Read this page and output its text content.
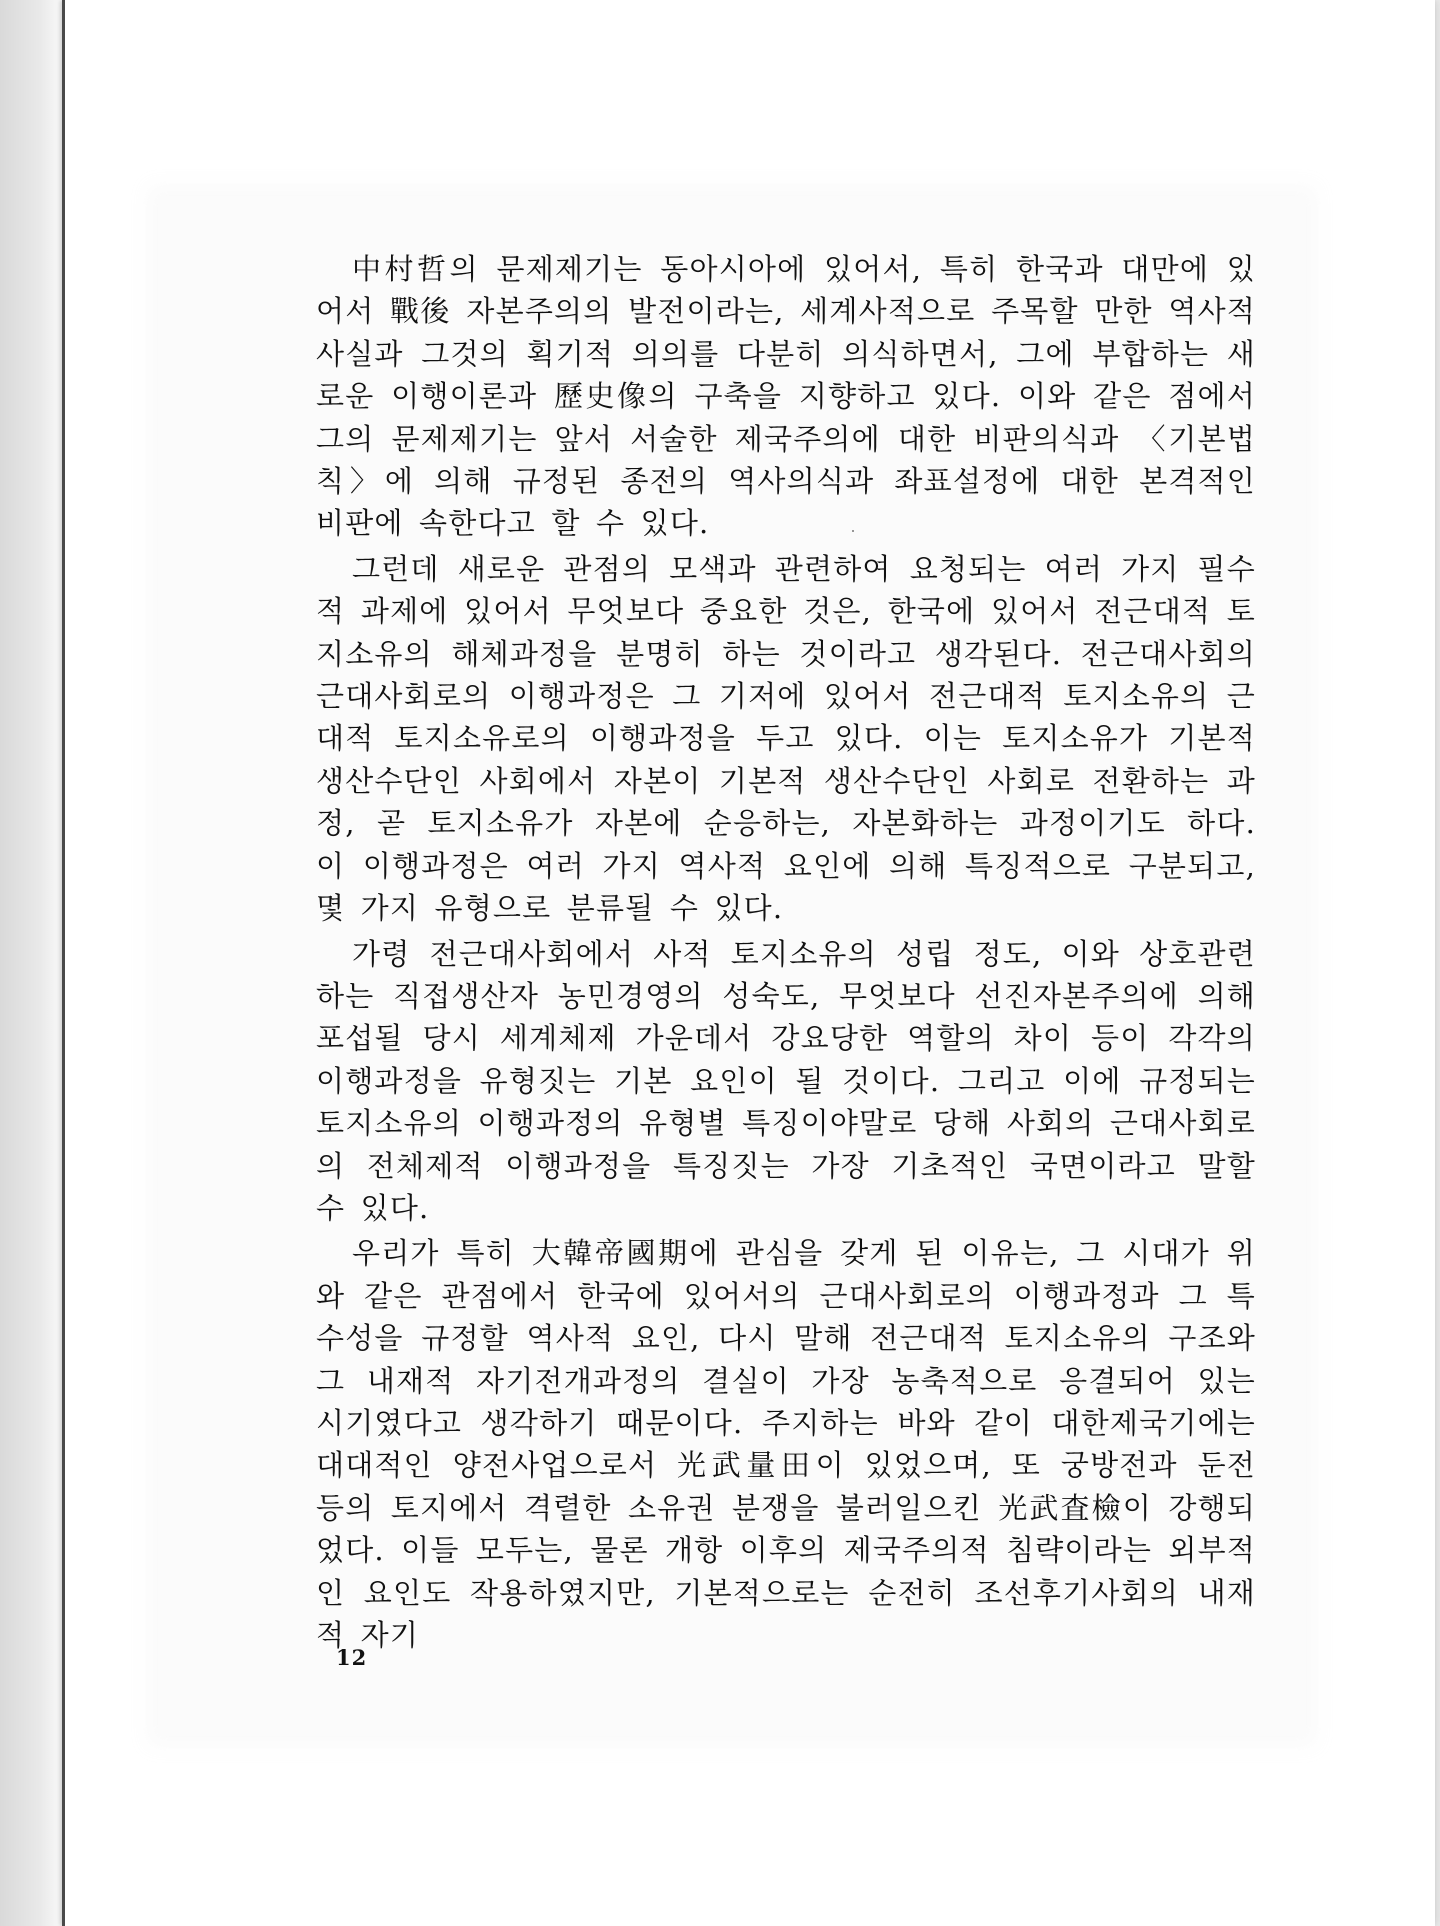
中村哲의 문제제기는 동아시아에 있어서, 특히 한국과 대만에 있어서 戰後 자본주의의 발전이라는, 세계사적으로 주목할 만한 역사적 사실과 그것의 획기적 의의를 다분히 의식하면서, 그에 부합하는 새로운 이행이론과 歷史像의 구축을 지향하고 있다. 이와 같은 점에서 그의 문제제기는 앞서 서술한 제국주의에 대한 비판의식과 〈기본법칙〉에 의해 규정된 종전의 역사의식과 좌표설정에 대한 본격적인 비판에 속한다고 할 수 있다.

그런데 새로운 관점의 모색과 관련하여 요청되는 여러 가지 필수적 과제에 있어서 무엇보다 중요한 것은, 한국에 있어서 전근대적 토지소유의 해체과정을 분명히 하는 것이라고 생각된다. 전근대사회의 근대사회로의 이행과정은 그 기저에 있어서 전근대적 토지소유의 근대적 토지소유로의 이행과정을 두고 있다. 이는 토지소유가 기본적 생산수단인 사회에서 자본이 기본적 생산수단인 사회로 전환하는 과정, 곧 토지소유가 자본에 순응하는, 자본화하는 과정이기도 하다. 이 이행과정은 여러 가지 역사적 요인에 의해 특징적으로 구분되고, 몇 가지 유형으로 분류될 수 있다.

가령 전근대사회에서 사적 토지소유의 성립 정도, 이와 상호관련하는 직접생산자 농민경영의 성숙도, 무엇보다 선진자본주의에 의해 포섭될 당시 세계체제 가운데서 강요당한 역할의 차이 등이 각각의 이행과정을 유형짓는 기본 요인이 될 것이다. 그리고 이에 규정되는 토지소유의 이행과정의 유형별 특징이야말로 당해 사회의 근대사회로의 전체제적 이행과정을 특징짓는 가장 기초적인 국면이라고 말할 수 있다.

우리가 특히 大韓帝國期에 관심을 갖게 된 이유는, 그 시대가 위와 같은 관점에서 한국에 있어서의 근대사회로의 이행과정과 그 특수성을 규정할 역사적 요인, 다시 말해 전근대적 토지소유의 구조와 그 내재적 자기전개과정의 결실이 가장 농축적으로 응결되어 있는 시기였다고 생각하기 때문이다. 주지하는 바와 같이 대한제국기에는 대대적인 양전사업으로서 光武量田이 있었으며, 또 궁방전과 둔전 등의 토지에서 격렬한 소유권 분쟁을 불러일으킨 光武査檢이 강행되었다. 이들 모두는, 물론 개항 이후의 제국주의적 침략이라는 외부적인 요인도 작용하였지만, 기본적으로는 순전히 조선후기사회의 내재적 자기

12
